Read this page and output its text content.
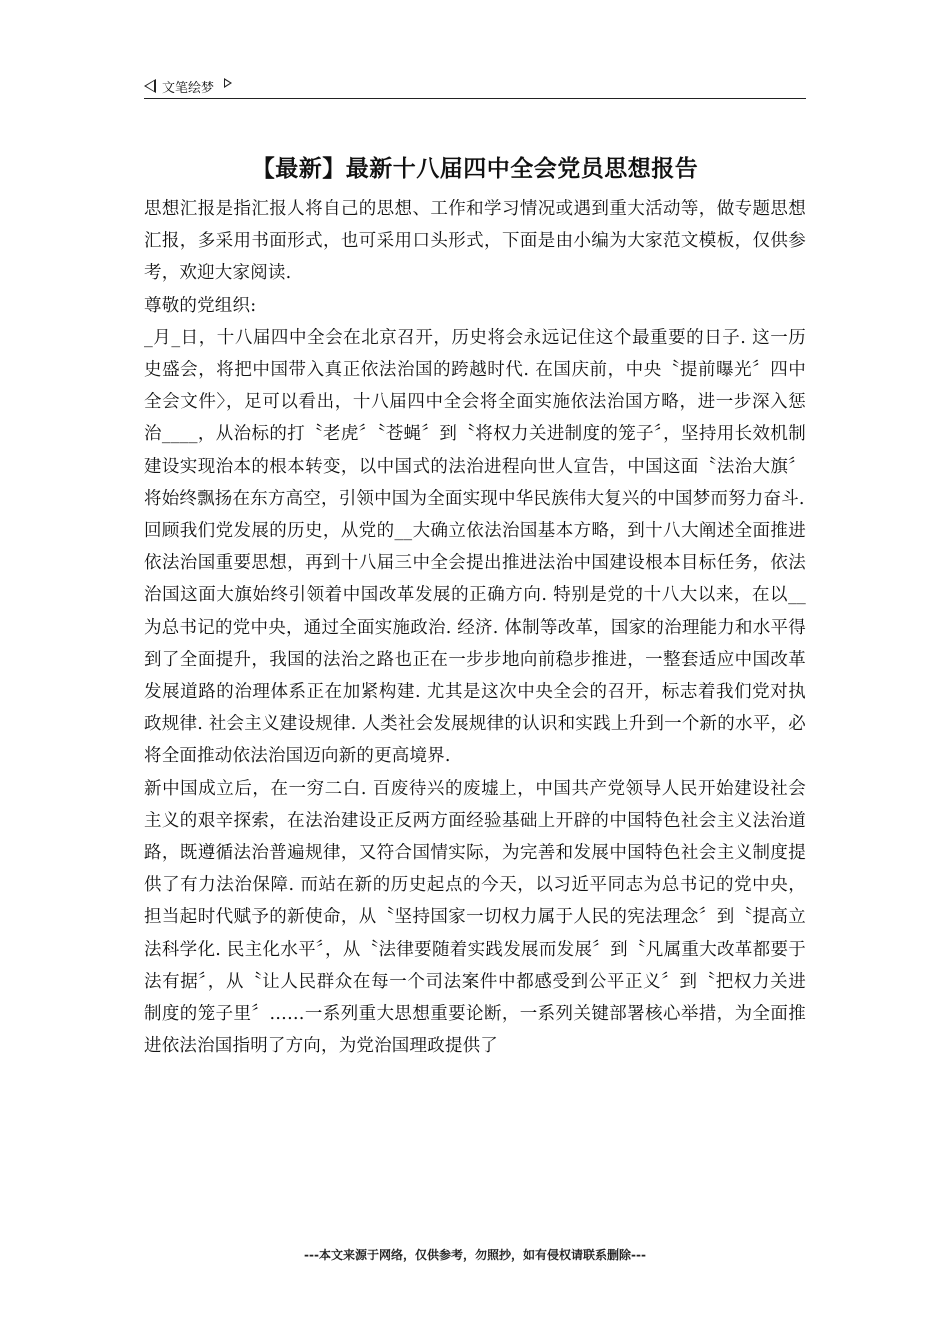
文笔绘梦
【最新】最新十八届四中全会党员思想报告

思想汇报是指汇报人将自己的思想、工作和学习情况或遇到重大活动等，做专题思想汇报，多采用书面形式，也可采用口头形式，下面是由小编为大家范文模板，仅供参考，欢迎大家阅读.

尊敬的党组织:

_月_日，十八届四中全会在北京召开，历史将会永远记住这个最重要的日子. 这一历史盛会，将把中国带入真正依法治国的跨越时代. 在国庆前，中央〝提前曝光〞四中全会文件〉，足可以看出，十八届四中全会将全面实施依法治国方略，进一步深入惩治____，从治标的打〝老虎〞〝苍蝇〞到〝将权力关进制度的笼子〞，坚持用长效机制建设实现治本的根本转变，以中国式的法治进程向世人宣告，中国这面〝法治大旗〞将始终飘扬在东方高空，引领中国为全面实现中华民族伟大复兴的中国梦而努力奋斗.

回顾我们党发展的历史，从党的__大确立依法治国基本方略，到十八大阐述全面推进依法治国重要思想，再到十八届三中全会提出推进法治中国建设根本目标任务，依法治国这面大旗始终引领着中国改革发展的正确方向. 特别是党的十八大以来，在以__为总书记的党中央，通过全面实施政治. 经济. 体制等改革，国家的治理能力和水平得到了全面提升，我国的法治之路也正在一步步地向前稳步推进，一整套适应中国改革发展道路的治理体系正在加紧构建. 尤其是这次中央全会的召开，标志着我们党对执政规律. 社会主义建设规律. 人类社会发展规律的认识和实践上升到一个新的水平，必将全面推动依法治国迈向新的更高境界.

新中国成立后，在一穷二白. 百废待兴的废墟上，中国共产党领导人民开始建设社会主义的艰辛探索，在法治建设正反两方面经验基础上开辟的中国特色社会主义法治道路，既遵循法治普遍规律，又符合国情实际，为完善和发展中国特色社会主义制度提供了有力法治保障. 而站在新的历史起点的今天，以习近平同志为总书记的党中央，担当起时代赋予的新使命，从〝坚持国家一切权力属于人民的宪法理念〞到〝提高立法科学化. 民主化水平〞，从〝法律要随着实践发展而发展〞到〝凡属重大改革都要于法有据〞，从〝让人民群众在每一个司法案件中都感受到公平正义〞到〝把权力关进制度的笼子里〞……一系列重大思想重要论断，一系列关键部署核心举措，为全面推进依法治国指明了方向，为党治国理政提供了

---本文来源于网络，仅供参考，勿照抄，如有侵权请联系删除---
